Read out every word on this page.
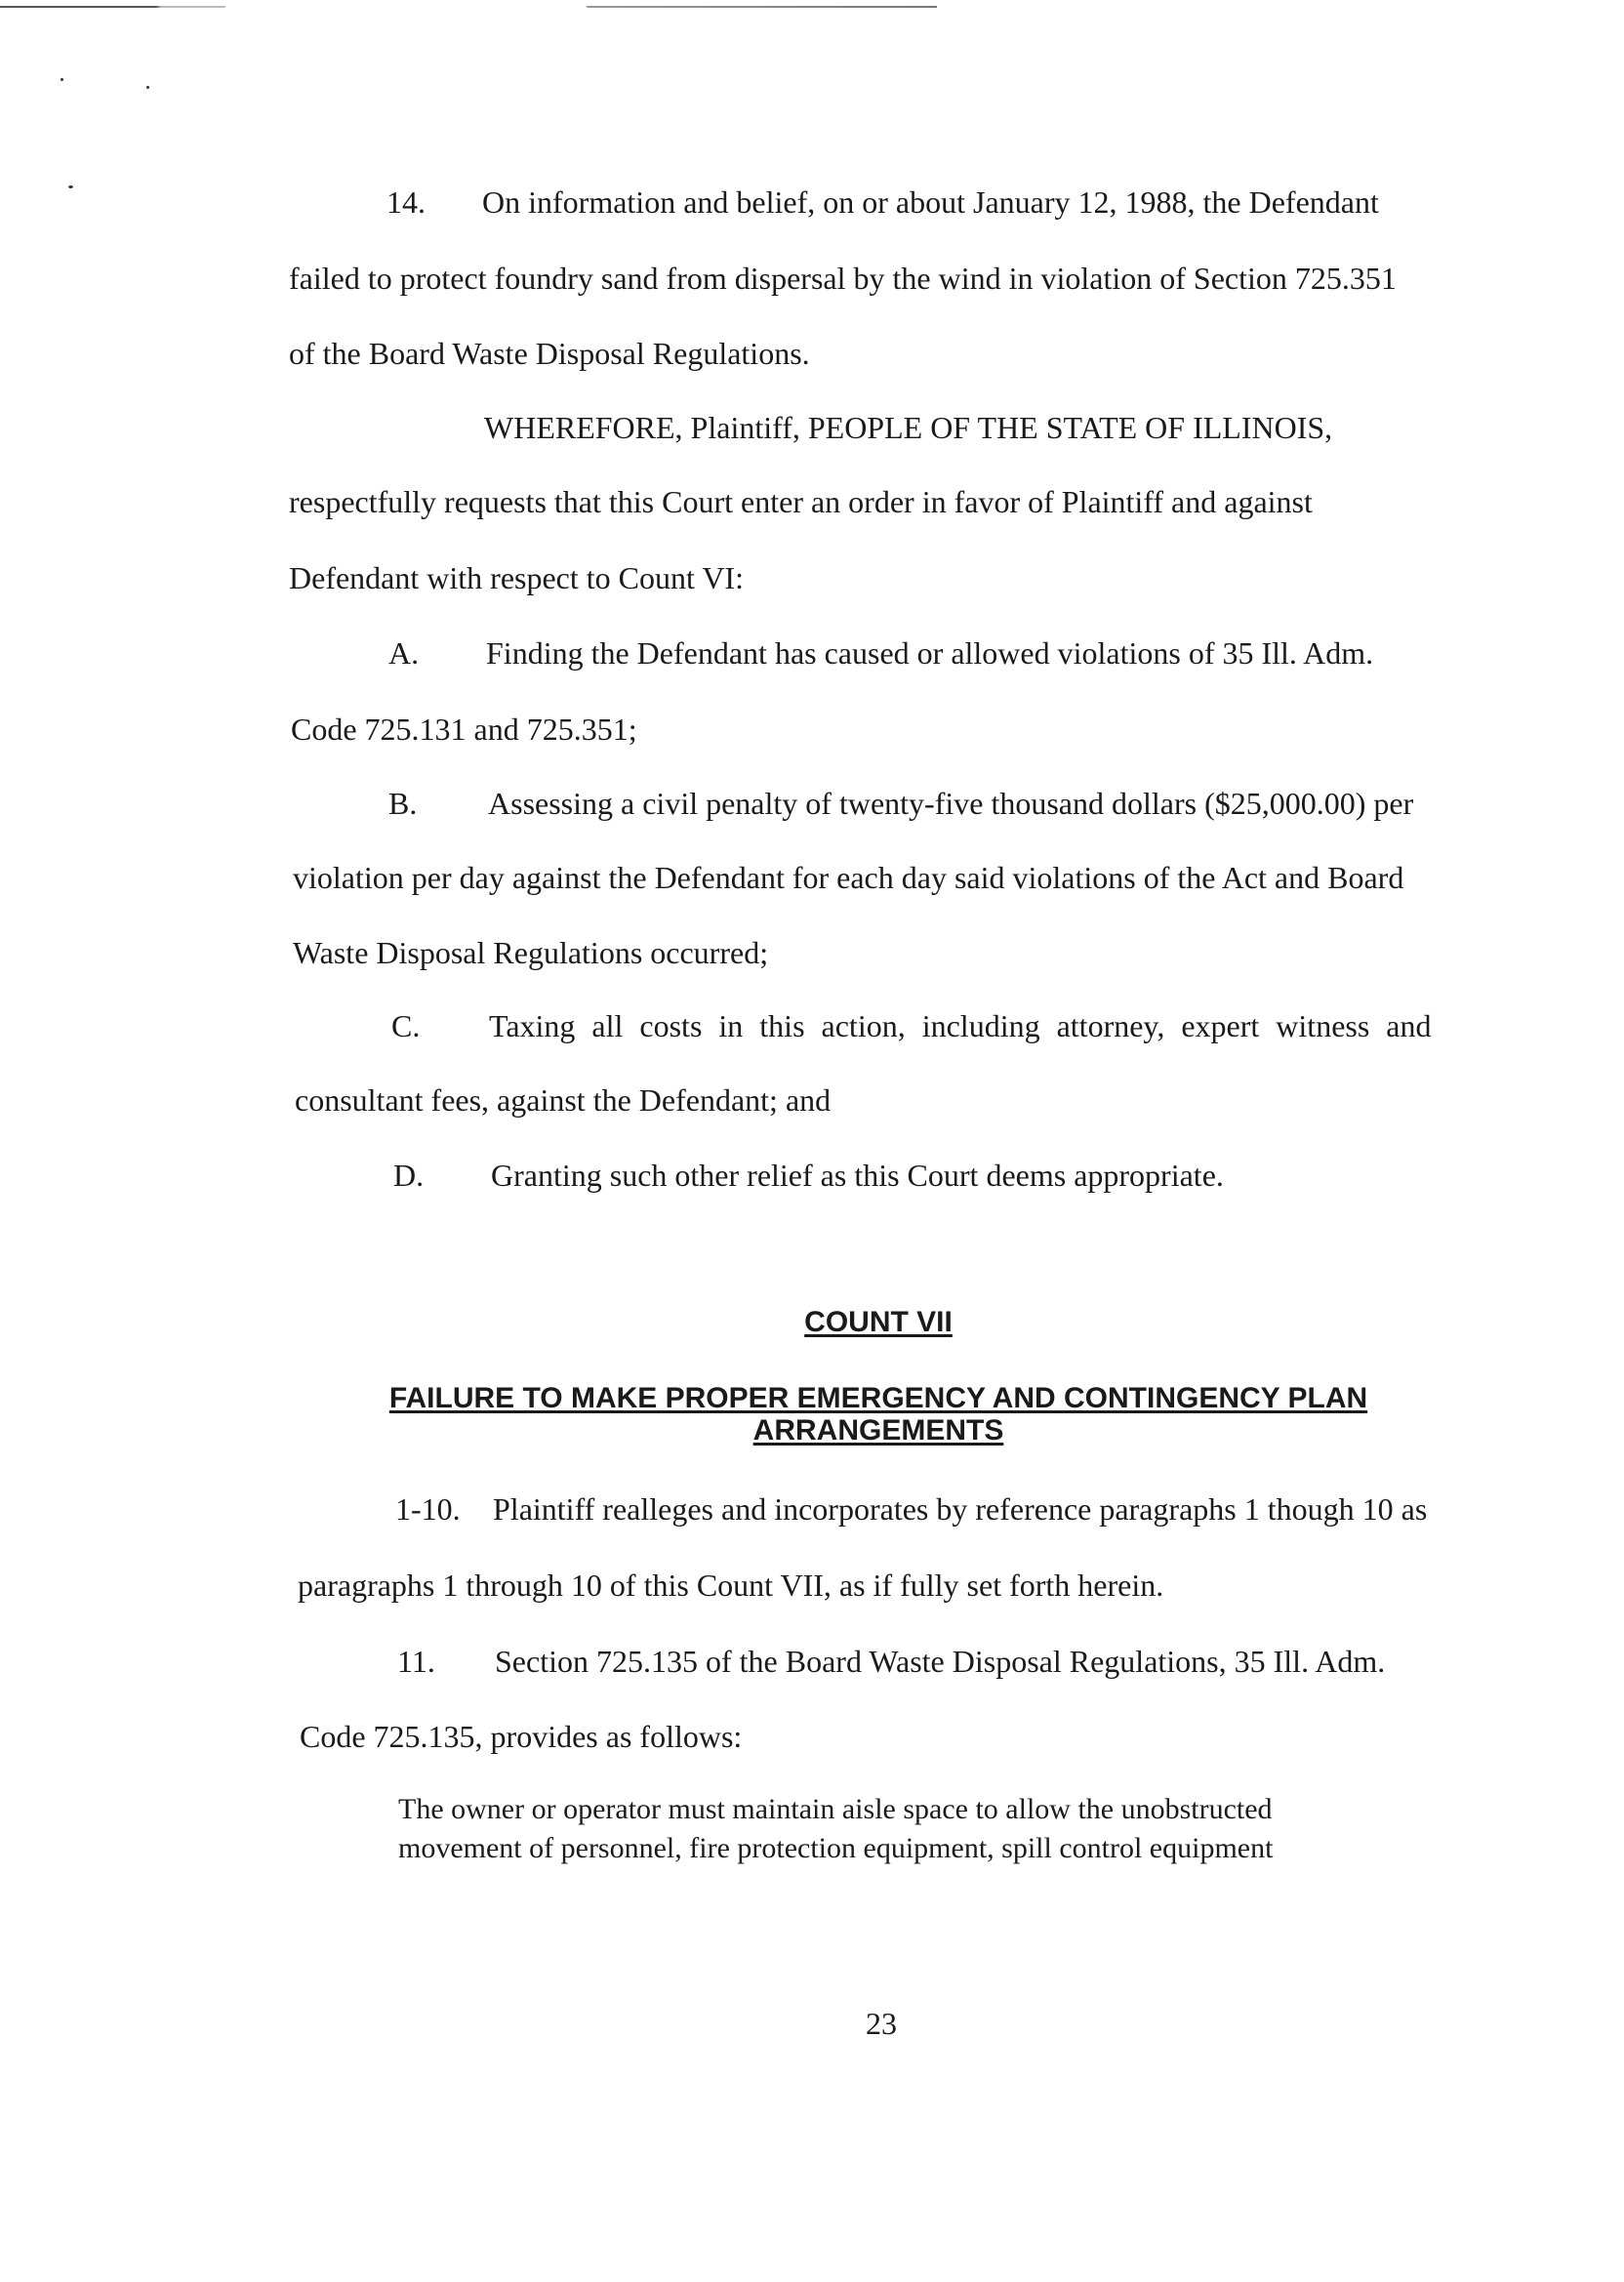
14. On information and belief, on or about January 12, 1988, the Defendant
failed to protect foundry sand from dispersal by the wind in violation of Section 725.351
of the Board Waste Disposal Regulations.
WHEREFORE, Plaintiff, PEOPLE OF THE STATE OF ILLINOIS,
respectfully requests that this Court enter an order in favor of Plaintiff and against
Defendant with respect to Count VI:
A. Finding the Defendant has caused or allowed violations of 35 Ill. Adm.
Code 725.131 and 725.351;
B. Assessing a civil penalty of twenty-five thousand dollars ($25,000.00) per
violation per day against the Defendant for each day said violations of the Act and Board
Waste Disposal Regulations occurred;
C. Taxing all costs in this action, including attorney, expert witness and
consultant fees, against the Defendant; and
D. Granting such other relief as this Court deems appropriate.
COUNT VII
FAILURE TO MAKE PROPER EMERGENCY AND CONTINGENCY PLAN
ARRANGEMENTS
1-10. Plaintiff realleges and incorporates by reference paragraphs 1 though 10 as
paragraphs 1 through 10 of this Count VII, as if fully set forth herein.
11. Section 725.135 of the Board Waste Disposal Regulations, 35 Ill. Adm.
Code 725.135, provides as follows:
The owner or operator must maintain aisle space to allow the unobstructed
movement of personnel, fire protection equipment, spill control equipment
23
